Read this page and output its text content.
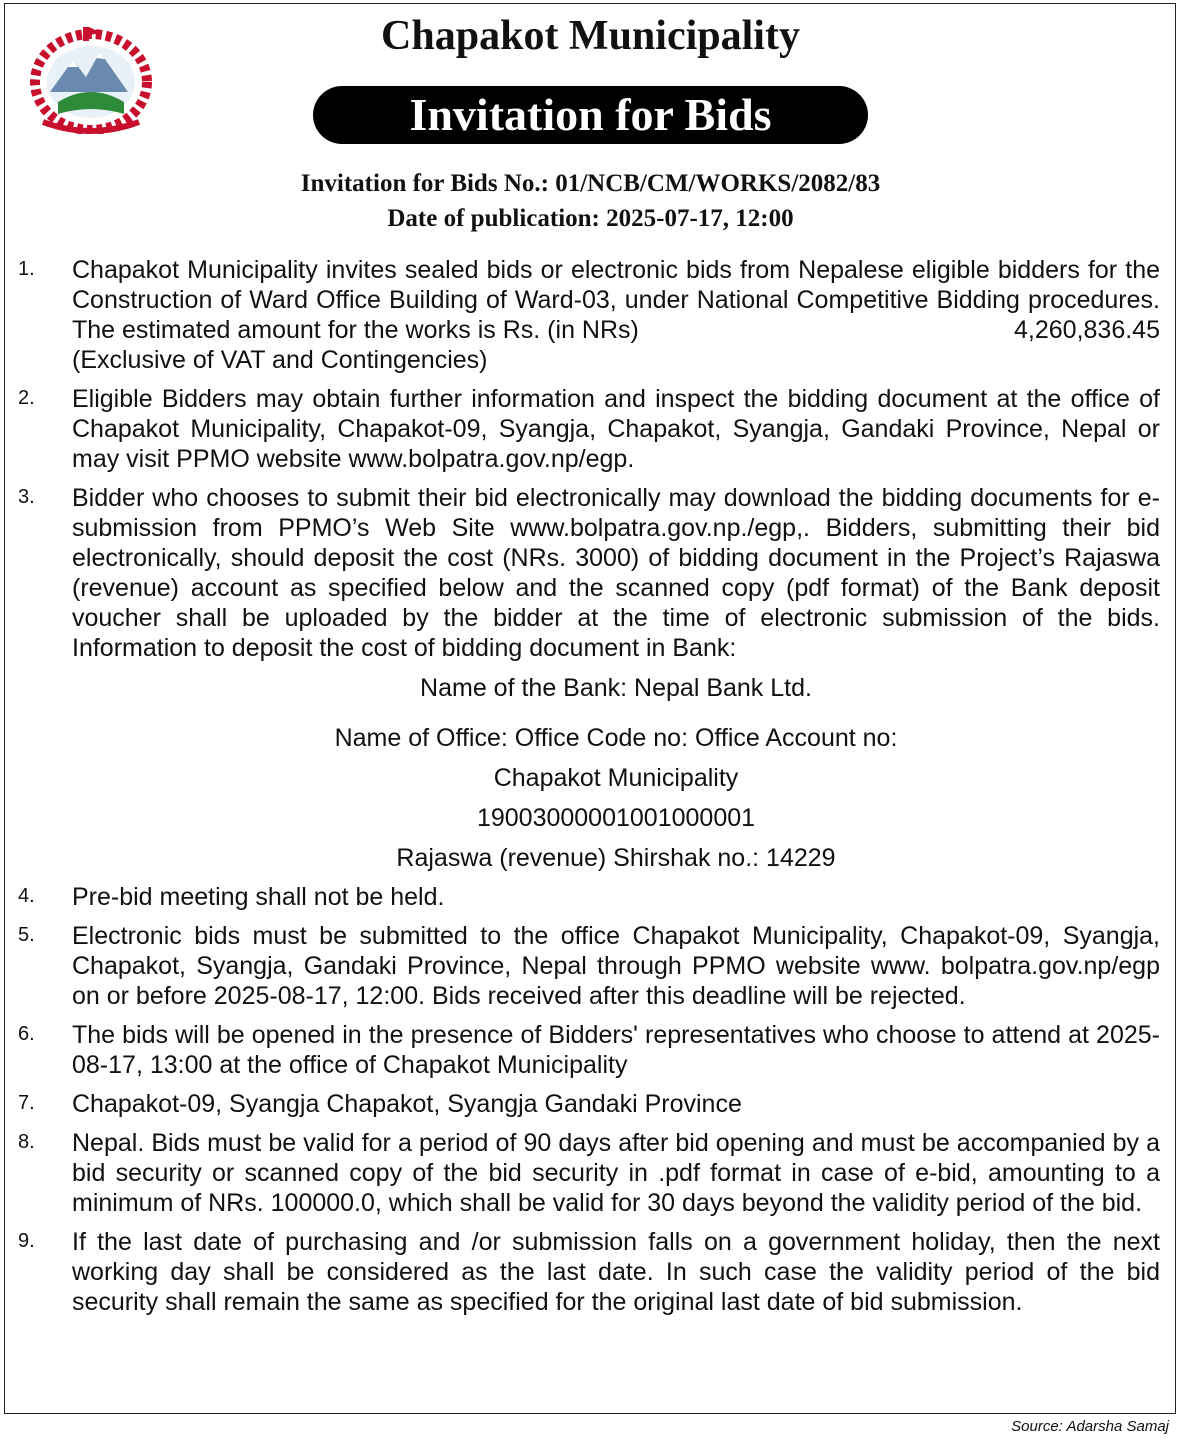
Chapakot Municipality
Invitation for Bids
Invitation for Bids No.: 01/NCB/CM/WORKS/2082/83
Date of publication: 2025-07-17, 12:00
1. Chapakot Municipality invites sealed bids or electronic bids from Nepalese eligible bidders for the Construction of Ward Office Building of Ward-03, under National Competitive Bidding procedures. The estimated amount for the works is Rs. (in NRs)	4,260,836.45
(Exclusive of VAT and Contingencies)
2. Eligible Bidders may obtain further information and inspect the bidding document at the office of Chapakot Municipality, Chapakot-09, Syangja, Chapakot, Syangja, Gandaki Province, Nepal or may visit PPMO website www.bolpatra.gov.np/egp.
3. Bidder who chooses to submit their bid electronically may download the bidding documents for e-submission from PPMO’s Web Site www.bolpatra.gov.np./egp,. Bidders, submitting their bid electronically, should deposit the cost (NRs. 3000) of bidding document in the Project’s Rajaswa (revenue) account as specified below and the scanned copy (pdf format) of the Bank deposit voucher shall be uploaded by the bidder at the time of electronic submission of the bids. Information to deposit the cost of bidding document in Bank:
Name of the Bank: Nepal Bank Ltd.
Name of Office: Office Code no: Office Account no:
Chapakot Municipality
19003000001001000001
Rajaswa (revenue) Shirshak no.: 14229
4. Pre-bid meeting shall not be held.
5. Electronic bids must be submitted to the office Chapakot Municipality, Chapakot-09, Syangja, Chapakot, Syangja, Gandaki Province, Nepal through PPMO website www. bolpatra.gov.np/egp on or before 2025-08-17, 12:00. Bids received after this deadline will be rejected.
6. The bids will be opened in the presence of Bidders' representatives who choose to attend at 2025-08-17, 13:00 at the office of Chapakot Municipality
7. Chapakot-09, Syangja Chapakot, Syangja Gandaki Province
8. Nepal. Bids must be valid for a period of 90 days after bid opening and must be accompanied by a bid security or scanned copy of the bid security in .pdf format in case of e-bid, amounting to a minimum of NRs. 100000.0, which shall be valid for 30 days beyond the validity period of the bid.
9. If the last date of purchasing and /or submission falls on a government holiday, then the next working day shall be considered as the last date. In such case the validity period of the bid security shall remain the same as specified for the original last date of bid submission.
Source: Adarsha Samaj
